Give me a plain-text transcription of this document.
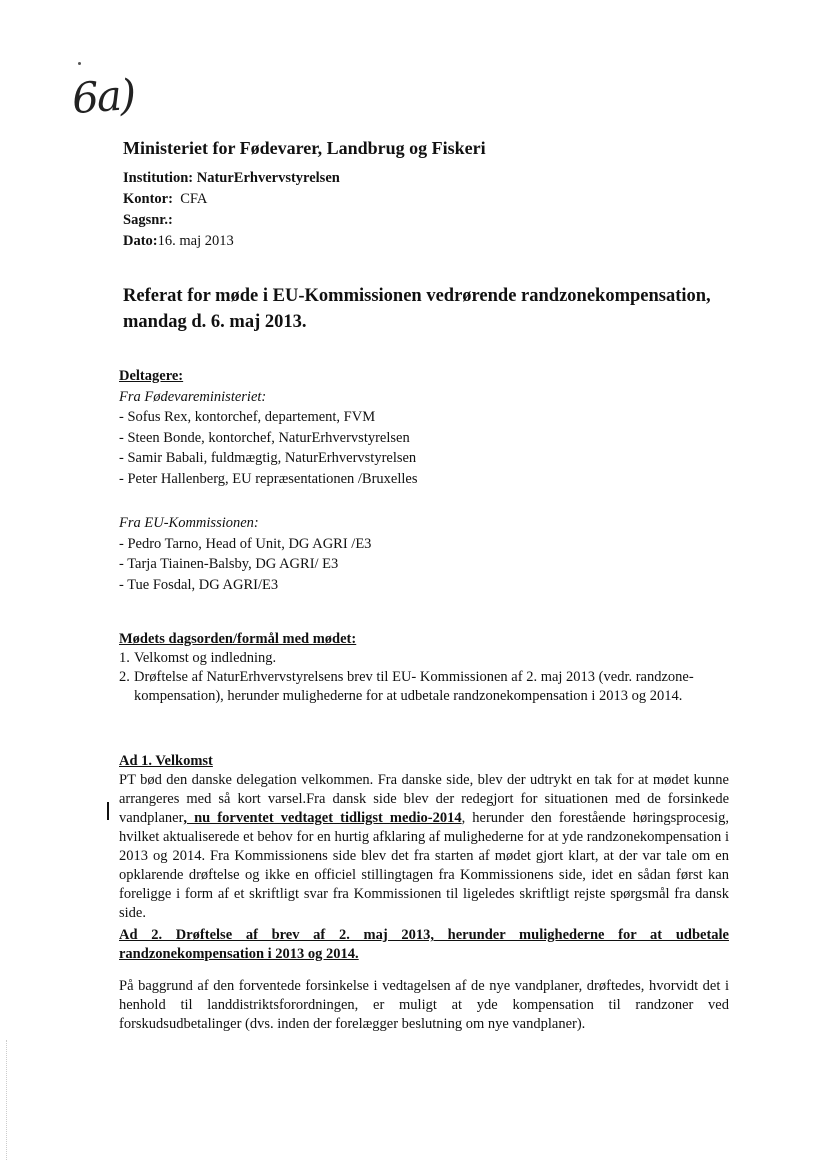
6a)
Ministeriet for Fødevarer, Landbrug og Fiskeri
Institution: NaturErhvervstyrelsen
Kontor: CFA
Sagsnr.:
Dato:16. maj 2013
Referat for møde i EU-Kommissionen vedrørende randzonekompensation,
mandag d. 6. maj 2013.
Deltagere:
Fra Fødevareministeriet:
- Sofus Rex, kontorchef, departement, FVM
- Steen Bonde, kontorchef, NaturErhvervstyrelsen
- Samir Babali, fuldmægtig, NaturErhvervstyrelsen
- Peter Hallenberg, EU repræsentationen /Bruxelles
Fra EU-Kommissionen:
- Pedro Tarno, Head of Unit, DG AGRI /E3
- Tarja Tiainen-Balsby, DG AGRI/ E3
- Tue Fosdal, DG AGRI/E3
Mødets dagsorden/formål med mødet:
1. Velkomst og indledning.
2. Drøftelse af NaturErhvervstyrelsens brev til EU- Kommissionen af 2. maj 2013 (vedr. randzone-
kompensation), herunder mulighederne for at udbetale randzonekompensation i 2013 og 2014.
Ad 1. Velkomst

PT bød den danske delegation velkommen. Fra danske side, blev der udtrykt en tak for at mødet kunne arrangeres med så kort varsel.Fra dansk side blev der redegjort for situationen med de forsinkede vandplaner, nu forventet vedtaget tidligst medio-2014, herunder den forestående høringsprocesig, hvilket aktualiserede et behov for en hurtig afklaring af mulighederne for at yde randzonekompensation i 2013 og 2014. Fra Kommissionens side blev det fra starten af mødet gjort klart, at der var tale om en opklarende drøftelse og ikke en officiel stillingtagen fra Kommissionens side, idet en sådan først kan foreligge i form af et skriftligt svar fra Kommissionen til ligeledes skriftligt rejste spørgsmål fra dansk side.

Ad 2. Drøftelse af brev af 2. maj 2013, herunder mulighederne for at udbetale randzonekompensation i 2013 og 2014.

På baggrund af den forventede forsinkelse i vedtagelsen af de nye vandplaner, drøftedes, hvorvidt det i henhold til landdistriktsforordningen, er muligt at yde kompensation til randzoner ved forskudsudbetalinger (dvs. inden der forelægger beslutning om nye vandplaner).
